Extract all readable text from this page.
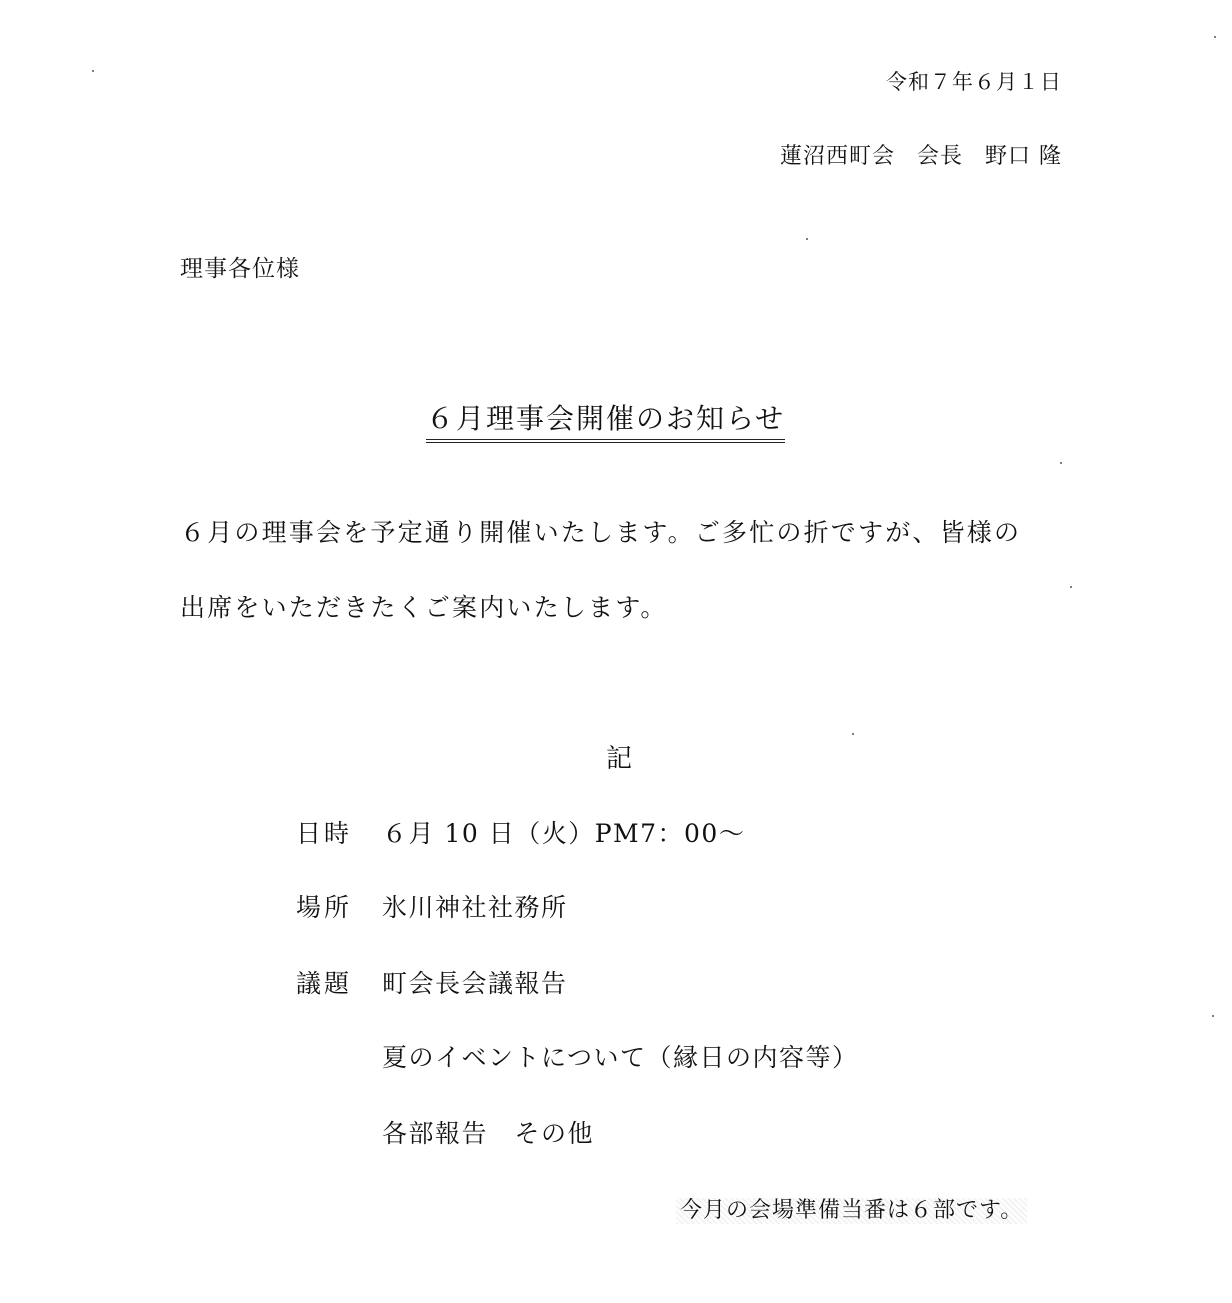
令和７年６月１日
蓮沼西町会 会長 野口 隆
理事各位様
６月理事会開催のお知らせ
６月の理事会を予定通り開催いたします。ご多忙の折ですが、皆様の
出席をいただきたくご案内いたします。
記
日時 ６月 10 日（火）PM7：00～
場所 氷川神社社務所
議題 町会長会議報告
夏のイベントについて（縁日の内容等）
各部報告　その他
今月の会場準備当番は６部です。
